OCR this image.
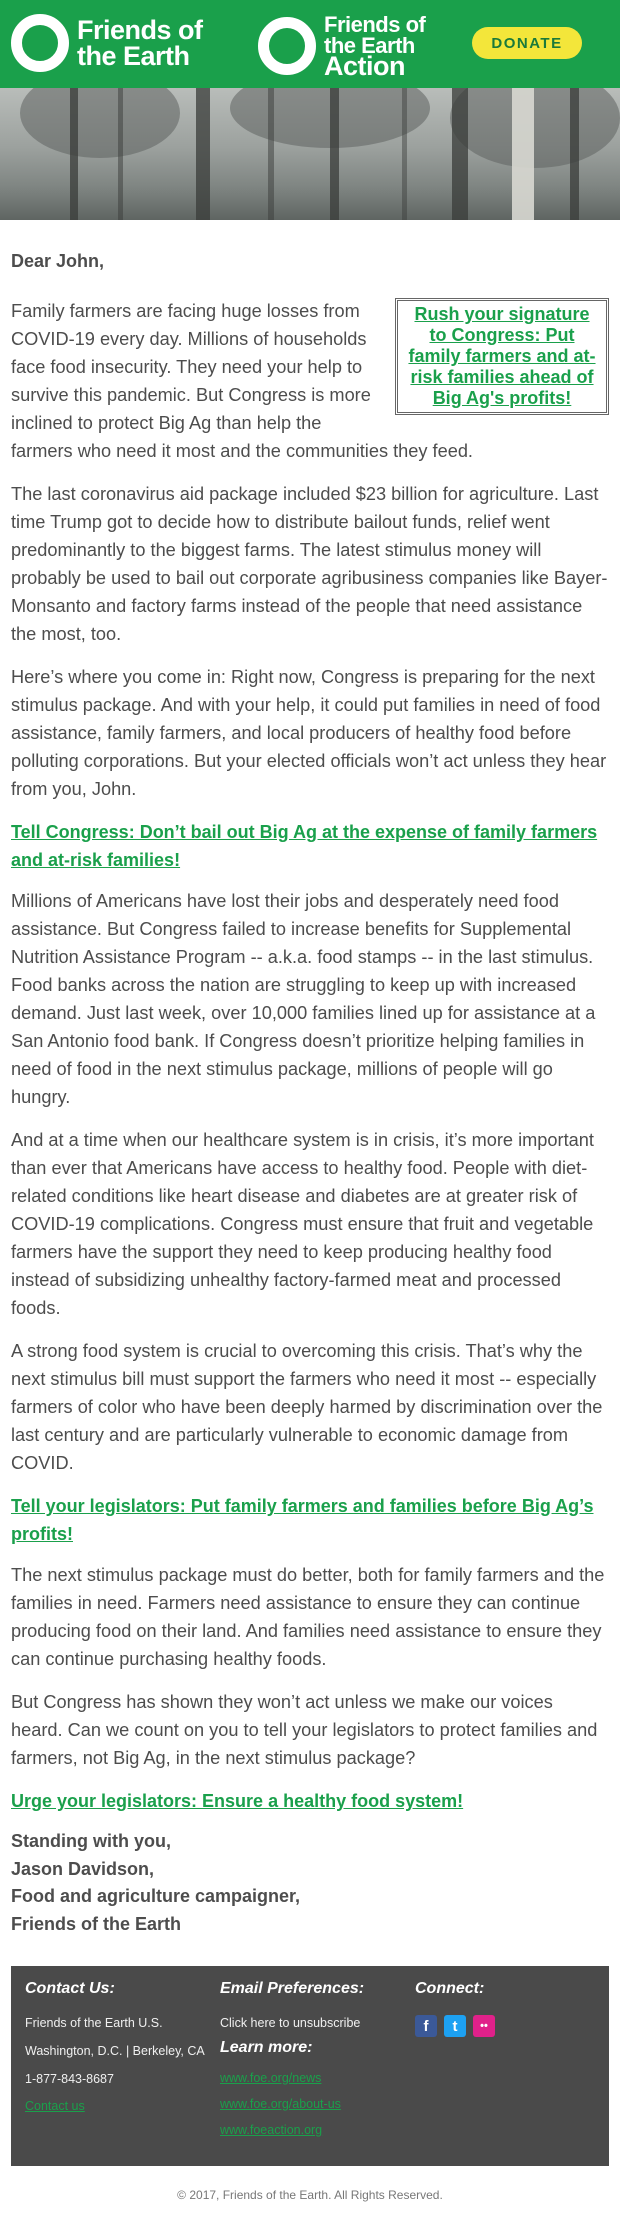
Friends of
the Earth
Friends of
the Earth
Action
DONATE
Dear John,
Rush your signature to Congress: Put family farmers and at-risk families ahead of Big Ag's profits!

Family farmers are facing huge losses from COVID-19 every day. Millions of households face food insecurity. They need your help to survive this pandemic. But Congress is more inclined to protect Big Ag than help the farmers who need it most and the communities they feed.

The last coronavirus aid package included $23 billion for agriculture. Last time Trump got to decide how to distribute bailout funds, relief went predominantly to the biggest farms. The latest stimulus money will probably be used to bail out corporate agribusiness companies like Bayer-Monsanto and factory farms instead of the people that need assistance the most, too.

Here’s where you come in: Right now, Congress is preparing for the next stimulus package. And with your help, it could put families in need of food assistance, family farmers, and local producers of healthy food before polluting corporations. But your elected officials won’t act unless they hear from you, John.

Tell Congress: Don’t bail out Big Ag at the expense of family farmers and at-risk families!

Millions of Americans have lost their jobs and desperately need food assistance. But Congress failed to increase benefits for Supplemental Nutrition Assistance Program -- a.k.a. food stamps -- in the last stimulus. Food banks across the nation are struggling to keep up with increased demand. Just last week, over 10,000 families lined up for assistance at a San Antonio food bank. If Congress doesn’t prioritize helping families in need of food in the next stimulus package, millions of people will go hungry.

And at a time when our healthcare system is in crisis, it’s more important than ever that Americans have access to healthy food. People with diet-related conditions like heart disease and diabetes are at greater risk of COVID-19 complications. Congress must ensure that fruit and vegetable farmers have the support they need to keep producing healthy food instead of subsidizing unhealthy factory-farmed meat and processed foods.

A strong food system is crucial to overcoming this crisis. That’s why the next stimulus bill must support the farmers who need it most -- especially farmers of color who have been deeply harmed by discrimination over the last century and are particularly vulnerable to economic damage from COVID.

Tell your legislators: Put family farmers and families before Big Ag’s profits!

The next stimulus package must do better, both for family farmers and the families in need. Farmers need assistance to ensure they can continue producing food on their land. And families need assistance to ensure they can continue purchasing healthy foods.

But Congress has shown they won’t act unless we make our voices heard. Can we count on you to tell your legislators to protect families and farmers, not Big Ag, in the next stimulus package?

Urge your legislators: Ensure a healthy food system!
Standing with you,
Jason Davidson,
Food and agriculture campaigner,
Friends of the Earth
Contact Us:
Friends of the Earth U.S.
Washington, D.C. | Berkeley, CA
1-877-843-8687
Contact us
Email Preferences:
Click here to unsubscribe
Learn more:
www.foe.org/news
www.foe.org/about-us
www.foeaction.org
Connect:
f	t	••
© 2017, Friends of the Earth. All Rights Reserved.
